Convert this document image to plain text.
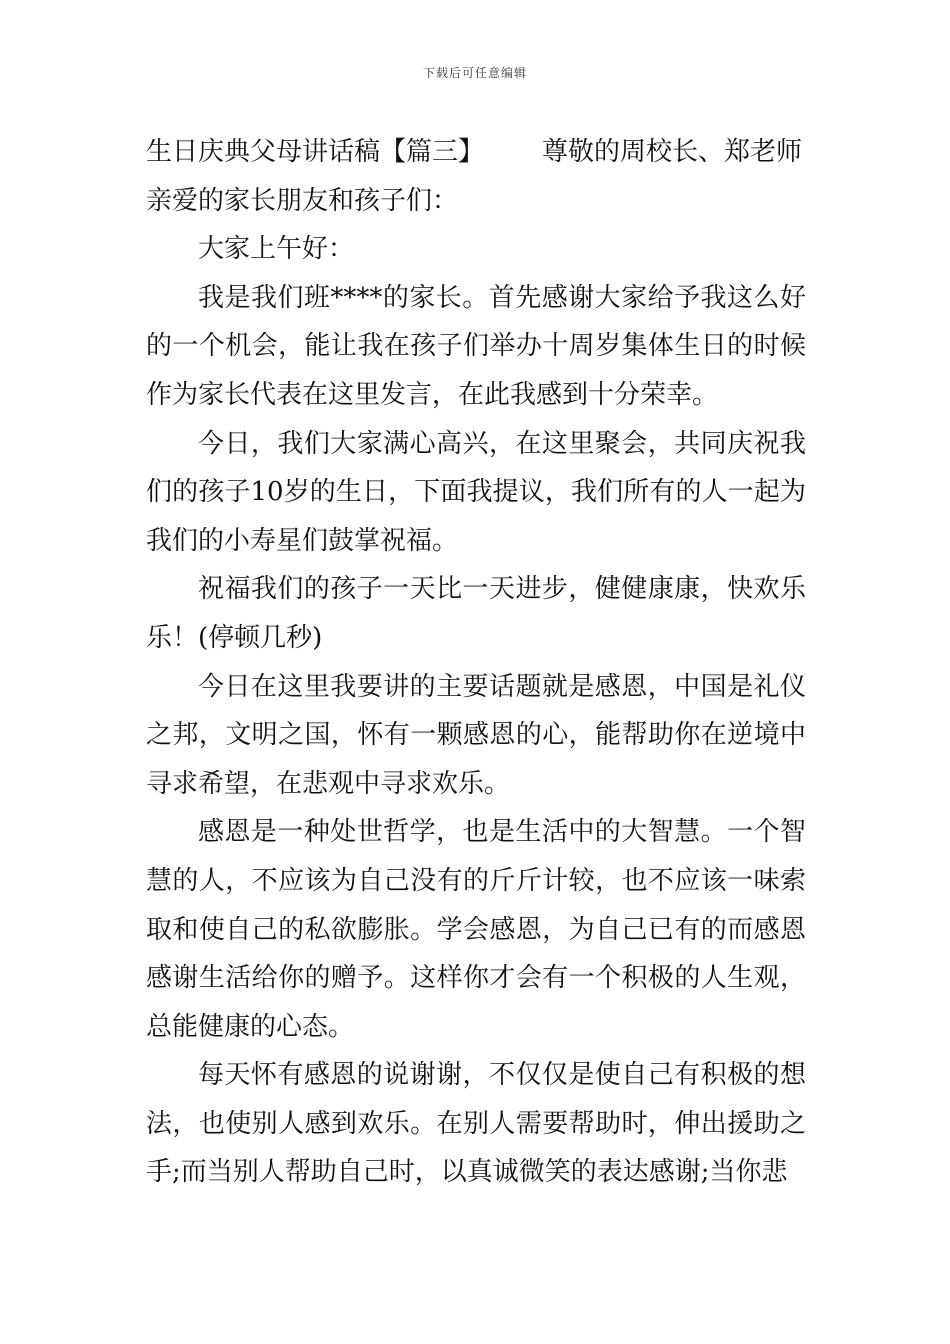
下载后可任意编辑

生日庆典父母讲话稿【篇三】 尊敬的周校长、郑老师

亲爱的家长朋友和孩子们：

大家上午好：

我是我们班****的家长。首先感谢大家给予我这么好的一个机会，能让我在孩子们举办十周岁集体生日的时候作为家长代表在这里发言，在此我感到十分荣幸。

今日，我们大家满心高兴，在这里聚会，共同庆祝我们的孩子10岁的生日，下面我提议，我们所有的人一起为我们的小寿星们鼓掌祝福。

祝福我们的孩子一天比一天进步，健健康康，快欢乐乐！(停顿几秒)

今日在这里我要讲的主要话题就是感恩，中国是礼仪之邦，文明之国，怀有一颗感恩的心，能帮助你在逆境中寻求希望，在悲观中寻求欢乐。

感恩是一种处世哲学，也是生活中的大智慧。一个智慧的人，不应该为自己没有的斤斤计较，也不应该一味索取和使自己的私欲膨胀。学会感恩，为自己已有的而感恩感谢生活给你的赠予。这样你才会有一个积极的人生观，总能健康的心态。

每天怀有感恩的说谢谢，不仅仅是使自己有积极的想法，也使别人感到欢乐。在别人需要帮助时，伸出援助之手;而当别人帮助自己时，以真诚微笑的表达感谢;当你悲
